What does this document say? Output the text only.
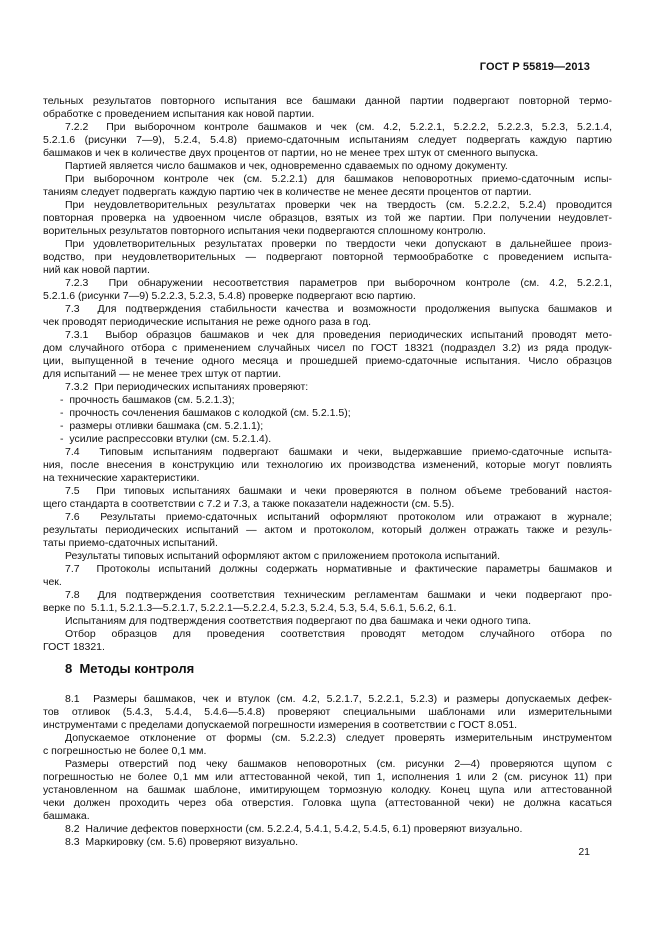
ГОСТ Р 55819—2013
тельных результатов повторного испытания все башмаки данной партии подвергают повторной термо-
обработке с проведением испытания как новой партии.
7.2.2  При выборочном контроле башмаков и чек (см. 4.2, 5.2.2.1, 5.2.2.2, 5.2.2.3, 5.2.3, 5.2.1.4,
5.2.1.6 (рисунки 7—9), 5.2.4, 5.4.8) приемо-сдаточным испытаниям следует подвергать каждую партию
башмаков и чек в количестве двух процентов от партии, но не менее трех штук от сменного выпуска.
Партией является число башмаков и чек, одновременно сдаваемых по одному документу.
При выборочном контроле чек (см. 5.2.2.1) для башмаков неповоротных приемо-сдаточным испы-
таниям следует подвергать каждую партию чек в количестве не менее десяти процентов от партии.
При неудовлетворительных результатах проверки чек на твердость (см. 5.2.2.2, 5.2.4) проводится
повторная проверка на удвоенном числе образцов, взятых из той же партии. При получении неудовлет-
ворительных результатов повторного испытания чеки подвергаются сплошному контролю.
При удовлетворительных результатах проверки по твердости чеки допускают в дальнейшее произ-
водство, при неудовлетворительных — подвергают повторной термообработке с проведением испыта-
ний как новой партии.
7.2.3  При обнаружении несоответствия параметров при выборочном контроле (см. 4.2, 5.2.2.1,
5.2.1.6 (рисунки 7—9) 5.2.2.3, 5.2.3, 5.4.8) проверке подвергают всю партию.
7.3  Для подтверждения стабильности качества и возможности продолжения выпуска башмаков и
чек проводят периодические испытания не реже одного раза в год.
7.3.1  Выбор образцов башмаков и чек для проведения периодических испытаний проводят мето-
дом случайного отбора с применением случайных чисел по ГОСТ 18321 (подраздел 3.2) из ряда продук-
ции, выпущенной в течение одного месяца и прошедшей приемо-сдаточные испытания. Число образцов
для испытаний — не менее трех штук от партии.
7.3.2  При периодических испытаниях проверяют:
-  прочность башмаков (см. 5.2.1.3);
-  прочность сочленения башмаков с колодкой (см. 5.2.1.5);
-  размеры отливки башмака (см. 5.2.1.1);
-  усилие распрессовки втулки (см. 5.2.1.4).
7.4  Типовым испытаниям подвергают башмаки и чеки, выдержавшие приемо-сдаточные испыта-
ния, после внесения в конструкцию или технологию их производства изменений, которые могут повлиять
на технические характеристики.
7.5  При типовых испытаниях башмаки и чеки проверяются в полном объеме требований настоя-
щего стандарта в соответствии с 7.2 и 7.3, а также показатели надежности (см. 5.5).
7.6  Результаты приемо-сдаточных испытаний оформляют протоколом или отражают в журнале;
результаты периодических испытаний — актом и протоколом, который должен отражать также и резуль-
таты приемо-сдаточных испытаний.
Результаты типовых испытаний оформляют актом с приложением протокола испытаний.
7.7  Протоколы испытаний должны содержать нормативные и фактические параметры башмаков и
чек.
7.8  Для подтверждения соответствия техническим регламентам башмаки и чеки подвергают про-
верке по  5.1.1, 5.2.1.3—5.2.1.7, 5.2.2.1—5.2.2.4, 5.2.3, 5.2.4, 5.3, 5.4, 5.6.1, 5.6.2, 6.1.
Испытаниям для подтверждения соответствия подвергают по два башмака и чеки одного типа.
Отбор образцов для проведения соответствия проводят методом случайного отбора по
ГОСТ 18321.
8  Методы контроля
8.1  Размеры башмаков, чек и втулок (см. 4.2, 5.2.1.7, 5.2.2.1, 5.2.3) и размеры допускаемых дефек-
тов отливок (5.4.3, 5.4.4, 5.4.6—5.4.8) проверяют специальными шаблонами или измерительными
инструментами с пределами допускаемой погрешности измерения в соответствии с ГОСТ 8.051.
Допускаемое отклонение от формы (см. 5.2.2.3) следует проверять измерительным инструментом
с погрешностью не более 0,1 мм.
Размеры отверстий под чеку башмаков неповоротных (см. рисунки 2—4) проверяются щупом с
погрешностью не более 0,1 мм или аттестованной чекой, тип 1, исполнения 1 или 2 (см. рисунок 11) при
установленном на башмак шаблоне, имитирующем тормозную колодку. Конец щупа или аттестованной
чеки должен проходить через оба отверстия. Головка щупа (аттестованной чеки) не должна касаться
башмака.
8.2  Наличие дефектов поверхности (см. 5.2.2.4, 5.4.1, 5.4.2, 5.4.5, 6.1) проверяют визуально.
8.3  Маркировку (см. 5.6) проверяют визуально.
21
